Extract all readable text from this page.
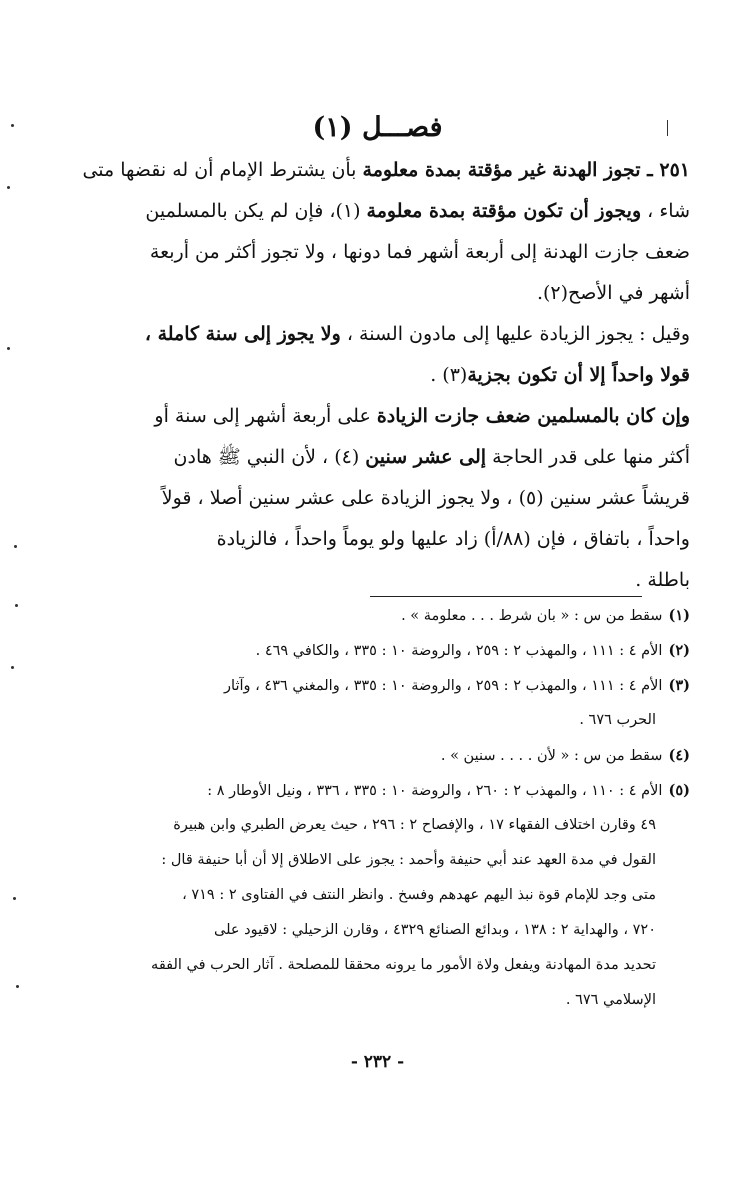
فصـــل (١)
٢٥١ ـ تجوز الهدنة غير مؤقتة بمدة معلومة بأن يشترط الإمام أن له نقضها متى
شاء ، ويجوز أن تكون مؤقتة بمدة معلومة (١)، فإن لم يكن بالمسلمين
ضعف جازت الهدنة إلى أربعة أشهر فما دونها ، ولا تجوز أكثر من أربعة
أشهر في الأصح(٢).
وقيل : يجوز الزيادة عليها إلى مادون السنة ، ولا يجوز إلى سنة كاملة ،
قولا واحداً إلا أن تكون بجزية(٣) .
وإن كان بالمسلمين ضعف جازت الزيادة على أربعة أشهر إلى سنة أو
أكثر منها على قدر الحاجة إلى عشر سنين (٤) ، لأن النبي ﷺ هادن
قريشاً عشر سنين (٥) ، ولا يجوز الزيادة على عشر سنين أصلا ، قولاً
واحداً ، باتفاق ، فإن (٨٨/أ) زاد عليها ولو يوماً واحداً ، فالزيادة
باطلة .
(١)سقط من س : « بان شرط . . . معلومة » .
(٢)الأم ٤ : ١١١ ، والمهذب ٢ : ٢٥٩ ، والروضة ١٠ : ٣٣٥ ، والكافي ٤٦٩ .
(٣)الأم ٤ : ١١١ ، والمهذب ٢ : ٢٥٩ ، والروضة ١٠ : ٣٣٥ ، والمغني ٤٣٦ ، وآثار
الحرب ٦٧٦ .
(٤)سقط من س : « لأن . . . . سنين » .
(٥)الأم ٤ : ١١٠ ، والمهذب ٢ : ٢٦٠ ، والروضة ١٠ : ٣٣٥ ، ٣٣٦ ، ونيل الأوطار ٨ :
٤٩ وقارن اختلاف الفقهاء ١٧ ، والإفصاح ٢ : ٢٩٦ ، حيث يعرض الطبري وابن هبيرة
القول في مدة العهد عند أبي حنيفة وأحمد : يجوز على الاطلاق إلا أن أبا حنيفة قال :
متى وجد للإمام قوة نبذ اليهم عهدهم وفسخ . وانظر النتف في الفتاوى ٢ : ٧١٩ ،
٧٢٠ ، والهداية ٢ : ١٣٨ ، وبدائع الصنائع ٤٣٢٩ ، وقارن الزحيلي : لاقيود على
تحديد مدة المهادنة ويفعل ولاة الأمور ما يرونه محققا للمصلحة . آثار الحرب في الفقه
الإسلامي ٦٧٦ .
- ٢٣٢ -
